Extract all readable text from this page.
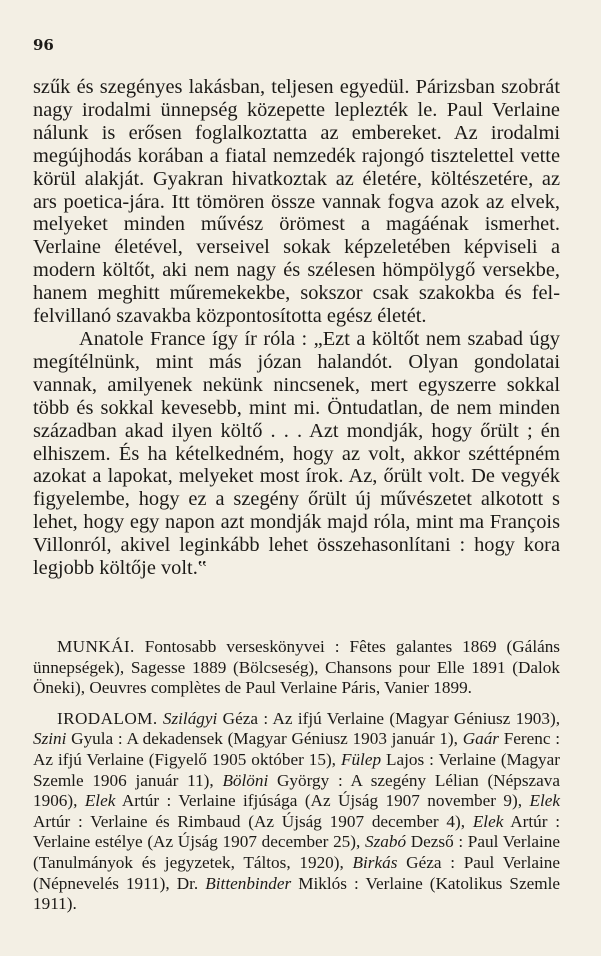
96

szűk és szegényes lakásban, teljesen egyedül. Párizsban szobrát nagy irodalmi ünnepség közepette leplezték le. Paul Verlaine nálunk is erősen foglalkoztatta az embereket. Az irodalmi megújhodás korában a fiatal nemzedék rajongó tisztelettel vette körül alakját. Gyakran hivatkoztak az életére, költészetére, az ars poetica-jára. Itt tömören össze vannak fogva azok az elvek, melyeket minden művész örömest a magáénak ismerhet. Verlaine életével, verseivel sokak képzeletében képviseli a modern költőt, aki nem nagy és szélesen hömpölygő versekbe, hanem meghitt műremekekbe, sokszor csak szakokba és fel-felvillanó szavakba központosította egész életét.

Anatole France így ír róla : „Ezt a költőt nem szabad úgy megítélnünk, mint más józan halandót. Olyan gondolatai vannak, amilyenek nekünk nincsenek, mert egyszerre sokkal több és sokkal kevesebb, mint mi. Öntudatlan, de nem minden században akad ilyen költő . . . Azt mondják, hogy őrült ; én elhiszem. És ha kételkedném, hogy az volt, akkor széttépném azokat a lapokat, melyeket most írok. Az, őrült volt. De vegyék figyelembe, hogy ez a szegény őrült új művészetet alkotott s lehet, hogy egy napon azt mondják majd róla, mint ma François Villonról, akivel leginkább lehet összehasonlítani : hogy kora legjobb költője volt.‟

MUNKÁI. Fontosabb verseskönyvei : Fêtes galantes 1869 (Gáláns ünnepségek), Sagesse 1889 (Bölcseség), Chansons pour Elle 1891 (Dalok Öneki), Oeuvres complètes de Paul Verlaine Páris, Vanier 1899.

IRODALOM. Szilágyi Géza : Az ifjú Verlaine (Magyar Géniusz 1903), Szini Gyula : A dekadensek (Magyar Géniusz 1903 január 1), Gaár Ferenc : Az ifjú Verlaine (Figyelő 1905 október 15), Fülep Lajos : Verlaine (Magyar Szemle 1906 január 11), Bölöni György : A szegény Lélian (Népszava 1906), Elek Artúr : Verlaine ifjúsága (Az Újság 1907 november 9), Elek Artúr : Verlaine és Rimbaud (Az Újság 1907 december 4), Elek Artúr : Verlaine estélye (Az Újság 1907 december 25), Szabó Dezső : Paul Verlaine (Tanulmányok és jegyzetek, Táltos, 1920), Birkás Géza : Paul Verlaine (Népnevelés 1911), Dr. Bittenbinder Miklós : Verlaine (Katolikus Szemle 1911).
